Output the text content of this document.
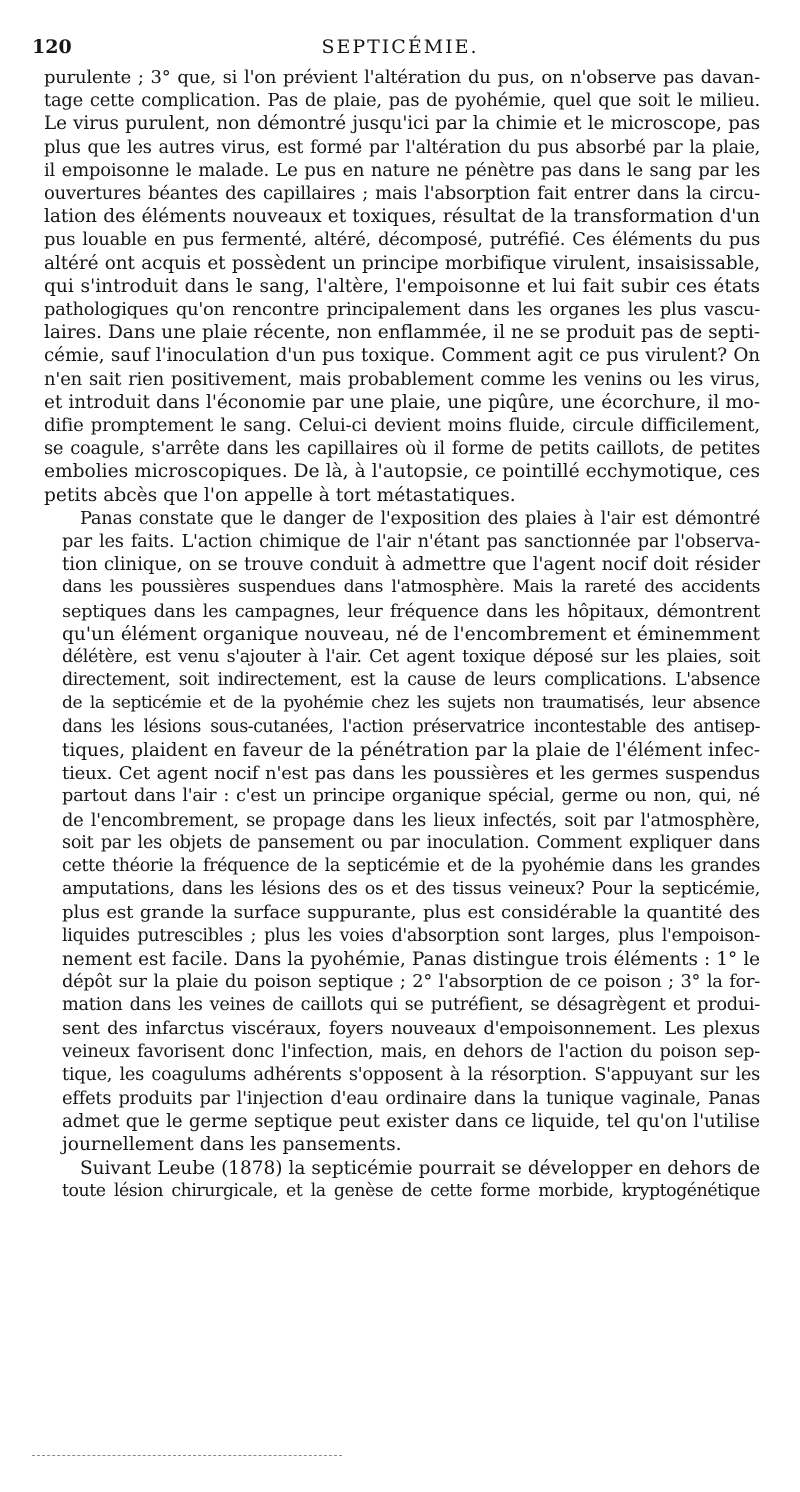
120	SEPTICÉMIE.
purulente ; 3° que, si l'on prévient l'altération du pus, on n'observe pas davan-
tage cette complication. Pas de plaie, pas de pyohémie, quel que soit le milieu.
Le virus purulent, non démontré jusqu'ici par la chimie et le microscope, pas
plus que les autres virus, est formé par l'altération du pus absorbé par la plaie,
il empoisonne le malade. Le pus en nature ne pénètre pas dans le sang par les
ouvertures béantes des capillaires ; mais l'absorption fait entrer dans la circu-
lation des éléments nouveaux et toxiques, résultat de la transformation d'un
pus louable en pus fermenté, altéré, décomposé, putréfié. Ces éléments du pus
altéré ont acquis et possèdent un principe morbifique virulent, insaisissable,
qui s'introduit dans le sang, l'altère, l'empoisonne et lui fait subir ces états
pathologiques qu'on rencontre principalement dans les organes les plus vascu-
laires. Dans une plaie récente, non enflammée, il ne se produit pas de septi-
cémie, sauf l'inoculation d'un pus toxique. Comment agit ce pus virulent? On
n'en sait rien positivement, mais probablement comme les venins ou les virus,
et introduit dans l'économie par une plaie, une piqûre, une écorchure, il mo-
difie promptement le sang. Celui-ci devient moins fluide, circule difficilement,
se coagule, s'arrête dans les capillaires où il forme de petits caillots, de petites
embolies microscopiques. De là, à l'autopsie, ce pointillé ecchymotique, ces
petits abcès que l'on appelle à tort métastatiques.
Panas constate que le danger de l'exposition des plaies à l'air est démontré
par les faits. L'action chimique de l'air n'étant pas sanctionnée par l'observa-
tion clinique, on se trouve conduit à admettre que l'agent nocif doit résider
dans les poussières suspendues dans l'atmosphère. Mais la rareté des accidents
septiques dans les campagnes, leur fréquence dans les hôpitaux, démontrent
qu'un élément organique nouveau, né de l'encombrement et éminemment
délétère, est venu s'ajouter à l'air. Cet agent toxique déposé sur les plaies, soit
directement, soit indirectement, est la cause de leurs complications. L'absence
de la septicémie et de la pyohémie chez les sujets non traumatisés, leur absence
dans les lésions sous-cutanées, l'action préservatrice incontestable des antisep-
tiques, plaident en faveur de la pénétration par la plaie de l'élément infec-
tieux. Cet agent nocif n'est pas dans les poussières et les germes suspendus
partout dans l'air : c'est un principe organique spécial, germe ou non, qui, né
de l'encombrement, se propage dans les lieux infectés, soit par l'atmosphère,
soit par les objets de pansement ou par inoculation. Comment expliquer dans
cette théorie la fréquence de la septicémie et de la pyohémie dans les grandes
amputations, dans les lésions des os et des tissus veineux? Pour la septicémie,
plus est grande la surface suppurante, plus est considérable la quantité des
liquides putrescibles ; plus les voies d'absorption sont larges, plus l'empoison-
nement est facile. Dans la pyohémie, Panas distingue trois éléments : 1° le
dépôt sur la plaie du poison septique ; 2° l'absorption de ce poison ; 3° la for-
mation dans les veines de caillots qui se putréfient, se désagrègent et produi-
sent des infarctus viscéraux, foyers nouveaux d'empoisonnement. Les plexus
veineux favorisent donc l'infection, mais, en dehors de l'action du poison sep-
tique, les coagulums adhérents s'opposent à la résorption. S'appuyant sur les
effets produits par l'injection d'eau ordinaire dans la tunique vaginale, Panas
admet que le germe septique peut exister dans ce liquide, tel qu'on l'utilise
journellement dans les pansements.
Suivant Leube (1878) la septicémie pourrait se développer en dehors de
toute lésion chirurgicale, et la genèse de cette forme morbide, kryptogénétique
